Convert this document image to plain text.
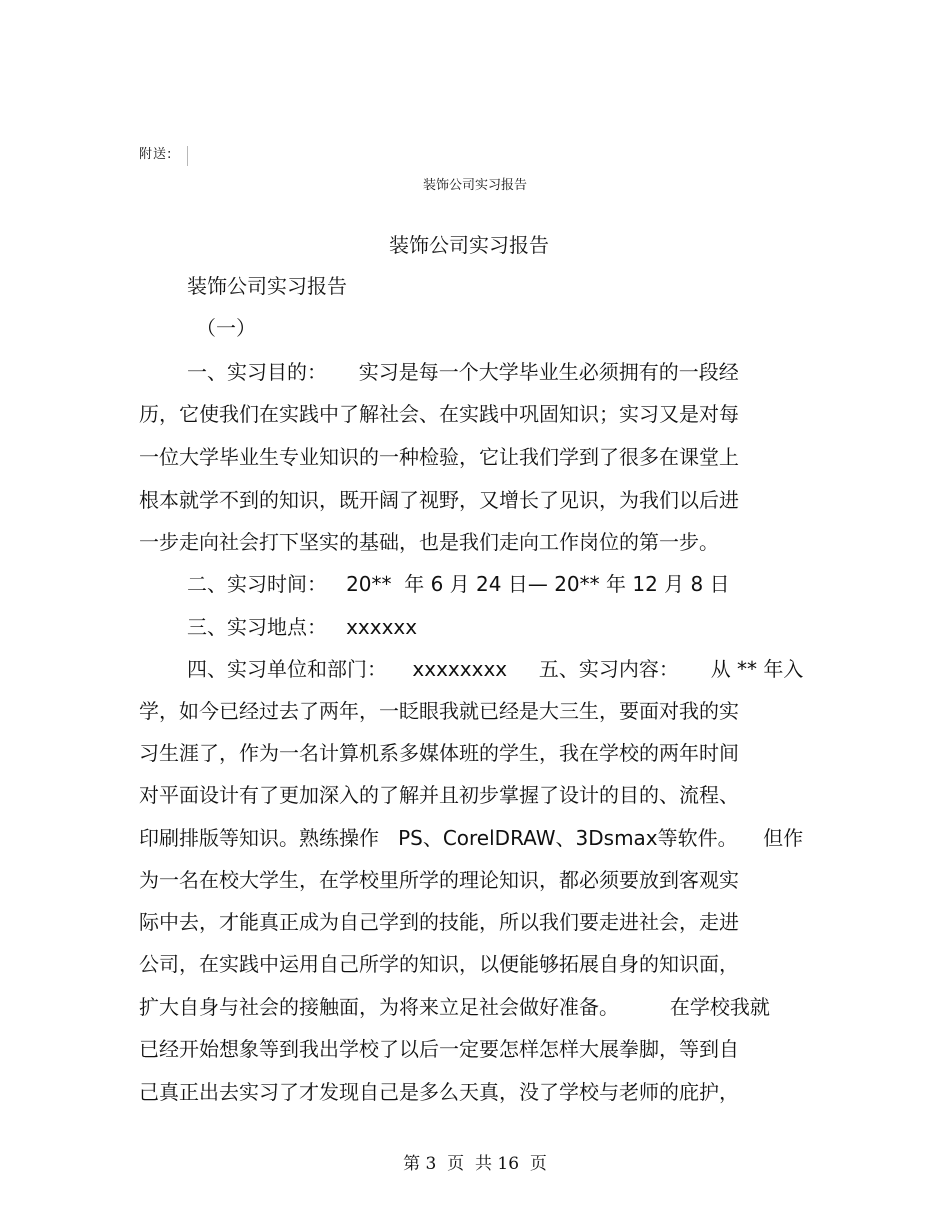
附送:
装饰公司实习报告
装饰公司实习报告
装饰公司实习报告
（一）
一、实习目的：     实习是每一个大学毕业生必须拥有的一段经
历，它使我们在实践中了解社会、在实践中巩固知识；实习又是对每
一位大学毕业生专业知识的一种检验，它让我们学到了很多在课堂上
根本就学不到的知识，既开阔了视野，又增长了见识，为我们以后进
一步走向社会打下坚实的基础，也是我们走向工作岗位的第一步。
二、实习时间：   20**  年 6 月 24 日— 20** 年 12 月 8 日
三、实习地点：   xxxxxx
四、实习单位和部门：    xxxxxxxx     五、实习内容：     从 ** 年入
学，如今已经过去了两年，一眨眼我就已经是大三生，要面对我的实
习生涯了，作为一名计算机系多媒体班的学生，我在学校的两年时间
对平面设计有了更加深入的了解并且初步掌握了设计的目的、流程、
印刷排版等知识。熟练操作   PS、CorelDRAW、3Dsmax等软件。    但作
为一名在校大学生，在学校里所学的理论知识，都必须要放到客观实
际中去，才能真正成为自己学到的技能，所以我们要走进社会，走进
公司，在实践中运用自己所学的知识，以便能够拓展自身的知识面，
扩大自身与社会的接触面，为将来立足社会做好准备。        在学校我就
已经开始想象等到我出学校了以后一定要怎样怎样大展拳脚，等到自
己真正出去实习了才发现自己是多么天真，没了学校与老师的庇护，
第 3  页  共 16  页
